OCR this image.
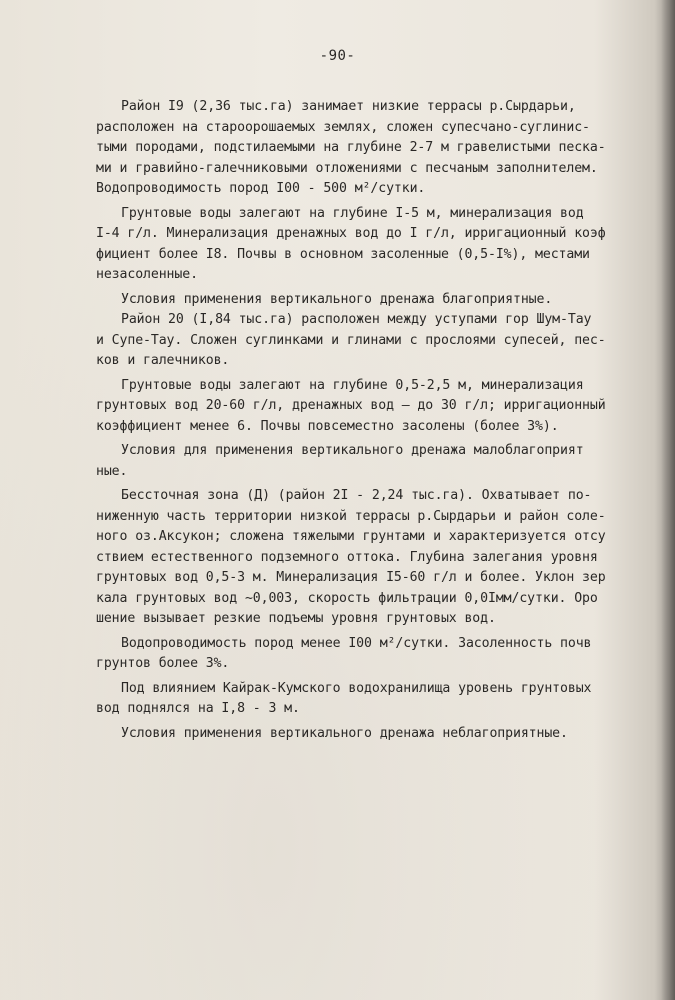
-90-
Район I9 (2,36 тыс.га) занимает низкие террасы р.Сырдарьи,
расположен на староорошаемых землях, сложен супесчано-суглинис-
тыми породами, подстилаемыми на глубине 2-7 м гравелистыми песка-
ми и гравийно-галечниковыми отложениями с песчаным заполнителем.
Водопроводимость пород I00 - 500 м²/сутки.
Грунтовые воды залегают на глубине I-5 м, минерализация вод
I-4 г/л. Минерализация дренажных вод до I г/л, ирригационный коэф
фициент более I8. Почвы в основном засоленные (0,5-I%), местами
незасоленные.
Условия применения вертикального дренажа благоприятные.
Район 20 (I,84 тыс.га) расположен между уступами гор Шум-Тау
и Супе-Тау. Сложен суглинками и глинами с прослоями супесей, пес-
ков и галечников.
Грунтовые воды залегают на глубине 0,5-2,5 м, минерализация
грунтовых вод 20-60 г/л, дренажных вод — до 30 г/л; ирригационный
коэффициент менее 6. Почвы повсеместно засолены (более 3%).
Условия для применения вертикального дренажа малоблагоприят
ные.
Бессточная зона (Д) (район 2I - 2,24 тыс.га). Охватывает по-
ниженную часть территории низкой террасы р.Сырдарьи и район соле-
ного оз.Аксукон; сложена тяжелыми грунтами и характеризуется отсу
ствием естественного подземного оттока. Глубина залегания уровня
грунтовых вод 0,5-3 м. Минерализация I5-60 г/л и более. Уклон зер
кала грунтовых вод ~0,003, скорость фильтрации 0,0Iмм/сутки. Оро
шение вызывает резкие подъемы уровня грунтовых вод.
Водопроводимость пород менее I00 м²/сутки. Засоленность почв
грунтов более 3%.
Под влиянием Кайрак-Кумского водохранилища уровень грунтовых
вод поднялся на I,8 - 3 м.
Условия применения вертикального дренажа неблагоприятные.
